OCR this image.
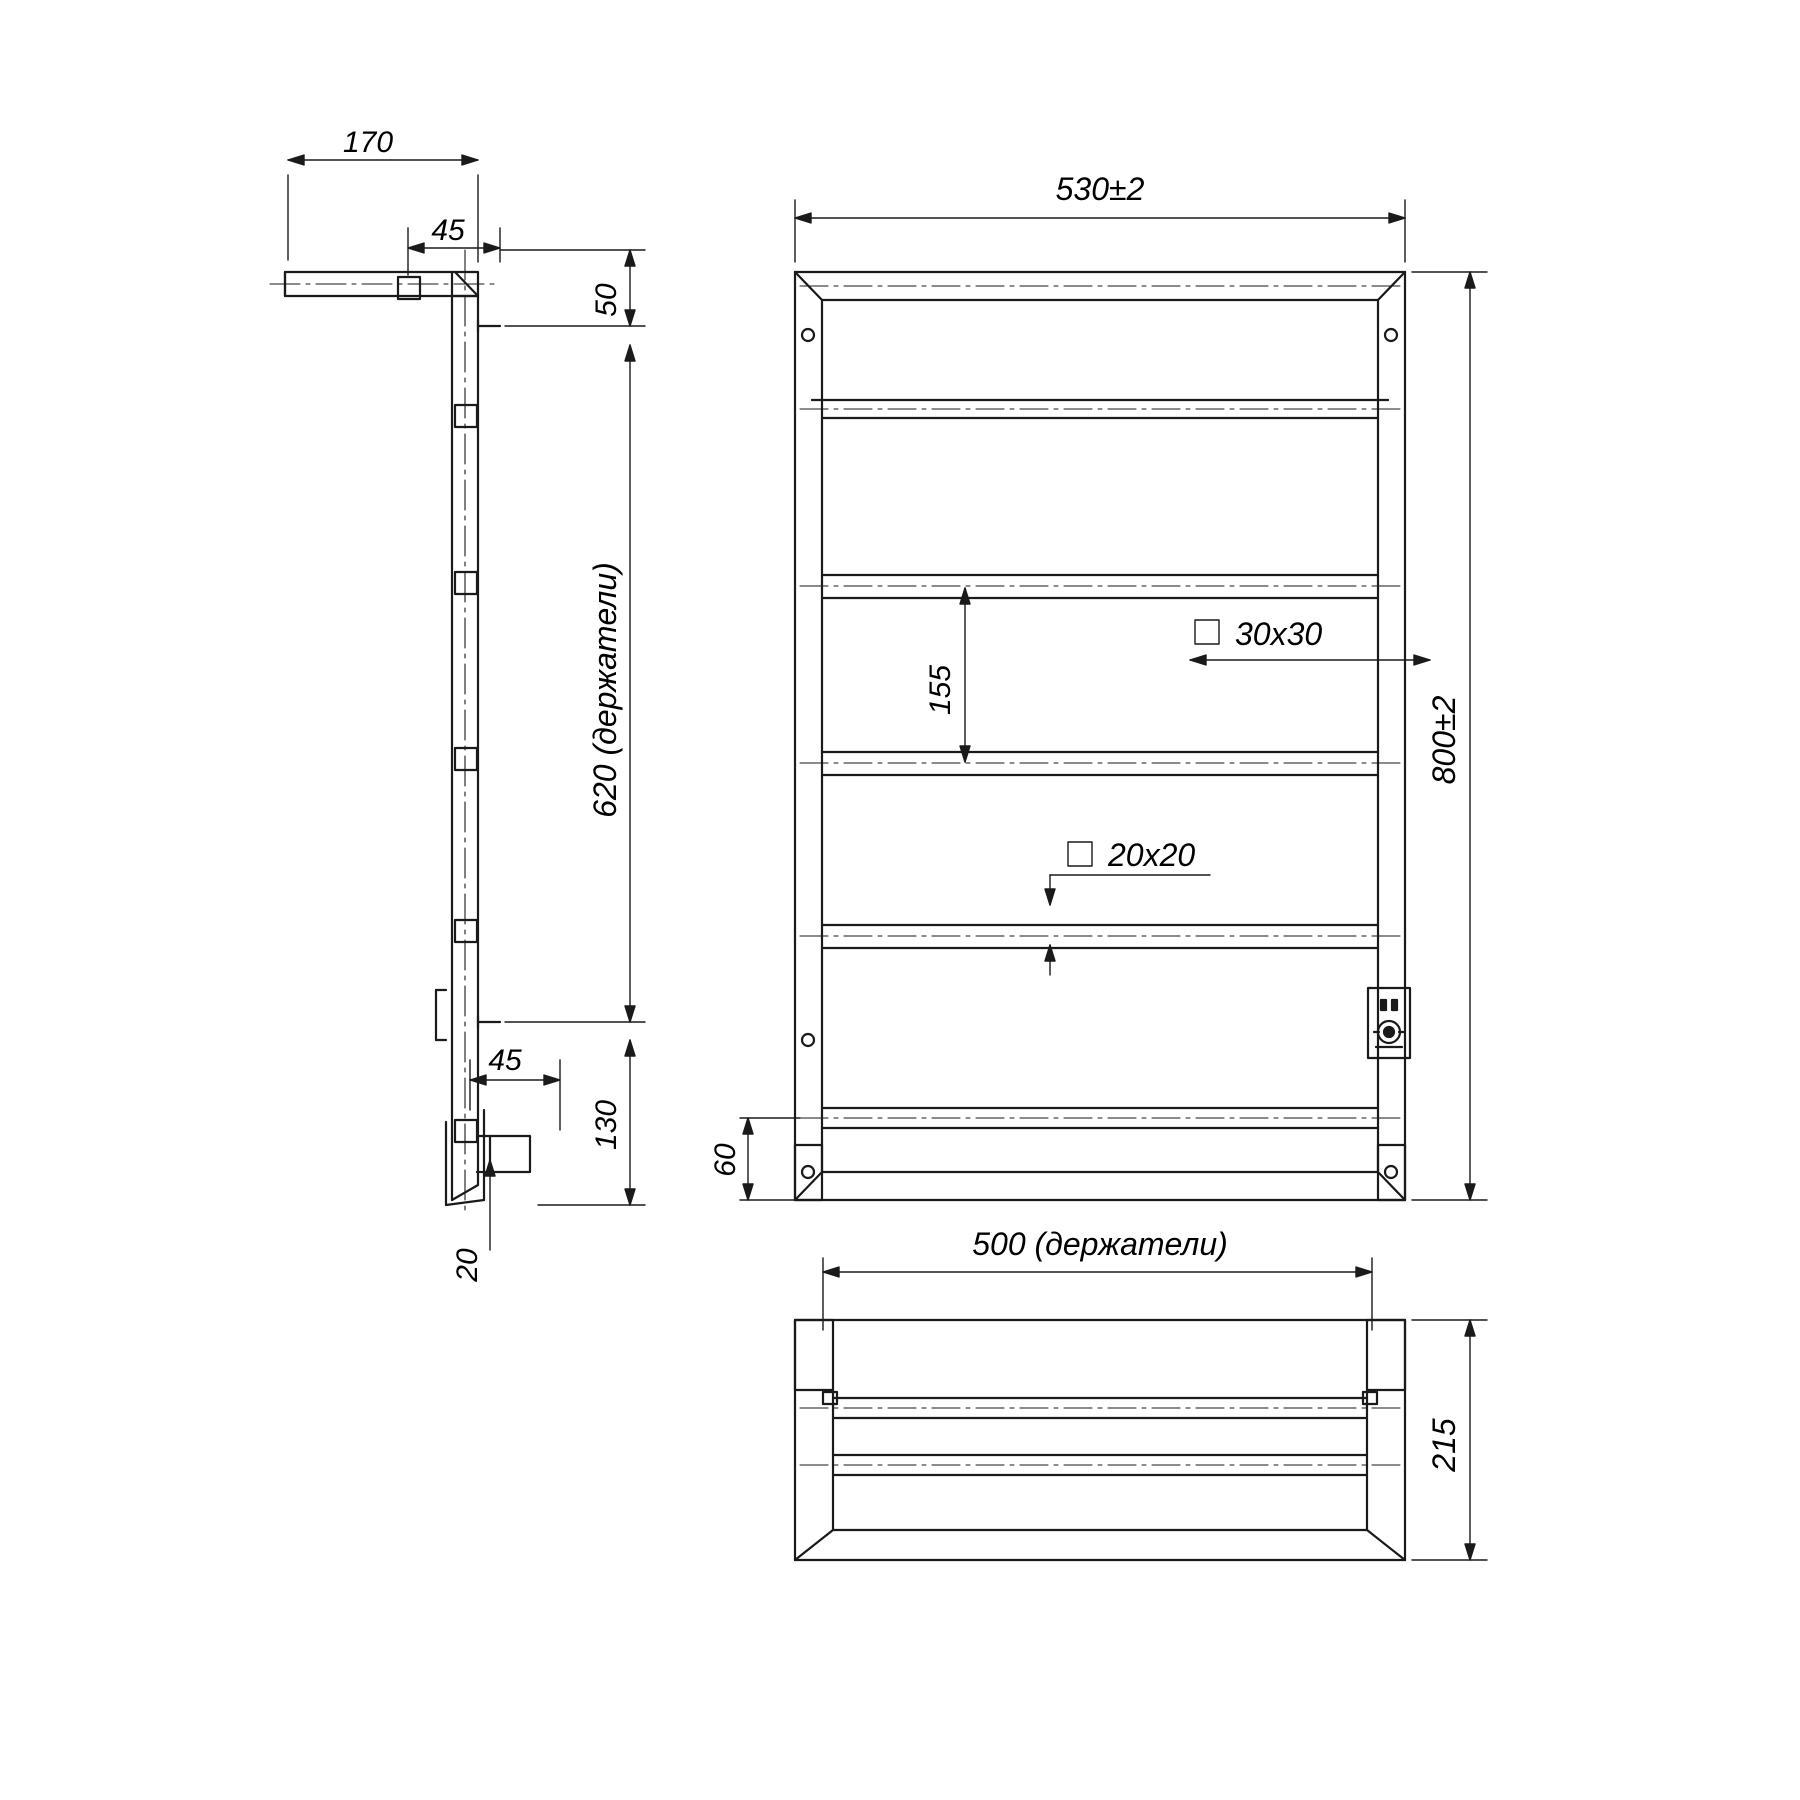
170
45
50
620 (держатели)
45
130
20
530±2
800±2
155
30x30
20x20
60
500 (держатели)
215
